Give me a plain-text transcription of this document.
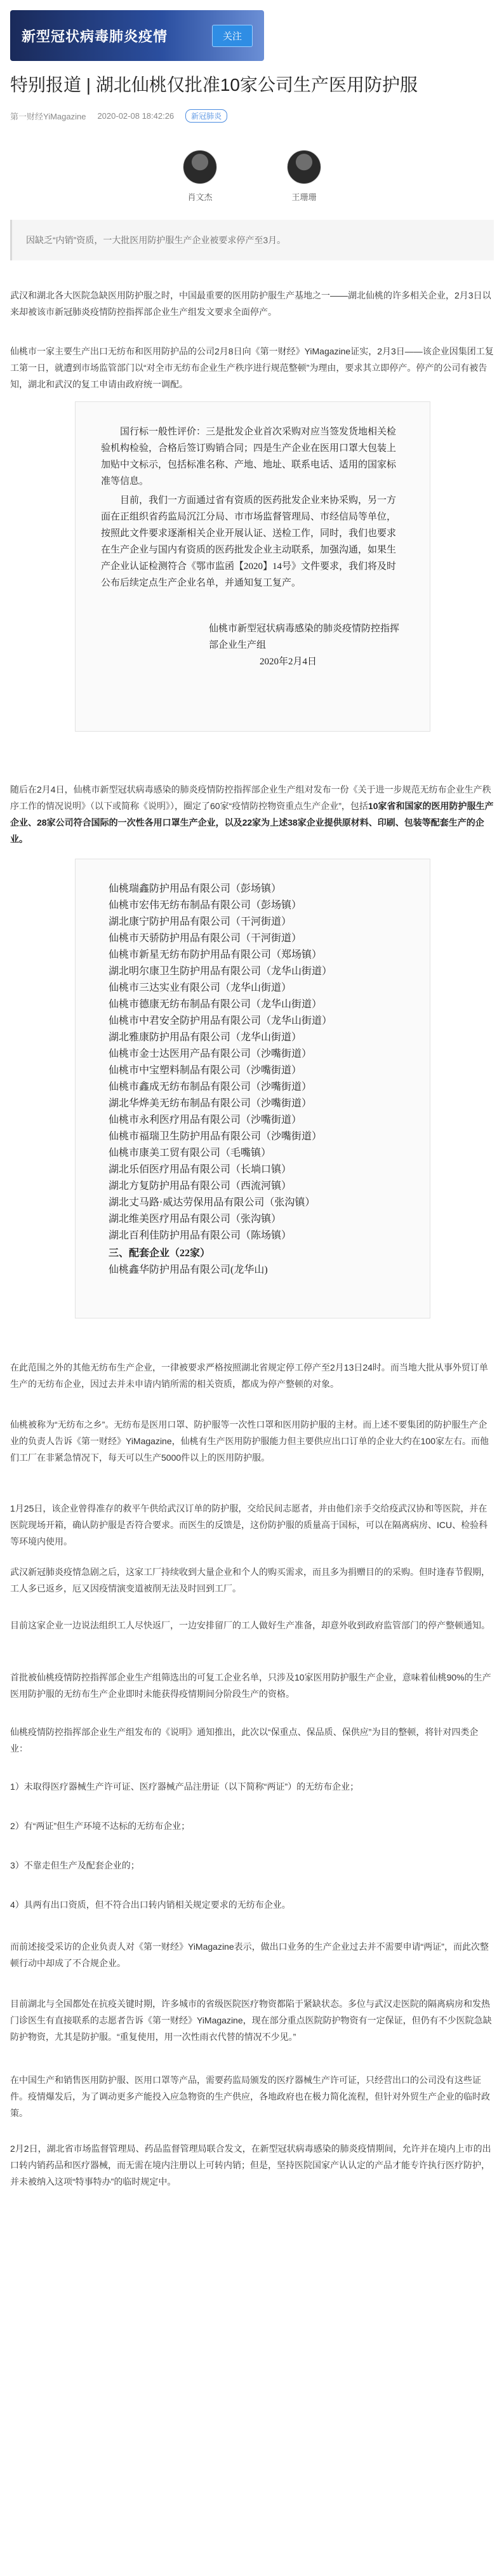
新型冠状病毒肺炎疫情	关注
特别报道 | 湖北仙桃仅批准10家公司生产医用防护服
第一财经YiMagazine 2020-02-08 18:42:26	新冠肺炎
肖文杰	王珊珊
因缺乏“内销”资质，一大批医用防护服生产企业被要求停产至3月。

武汉和湖北各大医院急缺医用防护服之时，中国最重要的医用防护服生产基地之一——湖北仙桃的许多相关企业，2月3日以来却被该市新冠肺炎疫情防控指挥部企业生产组发文要求全面停产。

仙桃市一家主要生产出口无纺布和医用防护品的公司2月8日向《第一财经》YiMagazine证实，2月3日——该企业因集团工复工第一日，就遭到市场监管部门以“对全市无纺布企业生产秩序进行规范整顿”为理由，要求其立即停产。停产的公司有被告知，湖北和武汉的复工申请由政府统一调配。

国行标一般性评价：三是批发企业首次采购对应当签发货地相关检验机构检验，合格后签订购销合同；四是生产企业在医用口罩大包装上加贴中文标示，包括标准名称、产地、地址、联系电话、适用的国家标准等信息。

目前，我们一方面通过省有资质的医药批发企业来协采购，另一方面在正组织省药监局沉江分局、市市场监督管理局、市经信局等单位，按照此文件要求逐渐相关企业开展认证、送检工作，同时，我们也要求在生产企业与国内有资质的医药批发企业主动联系，加强沟通，如果生产企业认证检测符合《鄂市监函【2020】14号》文件要求，我们将及时公布后续定点生产企业名单，并通知复工复产。

仙桃市新型冠状病毒感染的肺炎疫情防控指挥部企业生产组

2020年2月4日

随后在2月4日，仙桃市新型冠状病毒感染的肺炎疫情防控指挥部企业生产组对发布一份《关于进一步规范无纺布企业生产秩序工作的情况说明》（以下或简称《说明》），圈定了60家“疫情防控物资重点生产企业”，包括10家省和国家的医用防护服生产企业、28家公司符合国际的一次性各用口罩生产企业，以及22家为上述38家企业提供原材料、印刷、包装等配套生产的企业。

仙桃瑞鑫防护用品有限公司（彭场镇）
仙桃市宏伟无纺布制品有限公司（彭场镇）
湖北康宁防护用品有限公司（干河街道）
仙桃市天骄防护用品有限公司（干河街道）
仙桃市新星无纺布防护用品有限公司（郑场镇）
湖北明尔康卫生防护用品有限公司（龙华山街道）
仙桃市三达实业有限公司（龙华山街道）
仙桃市德康无纺布制品有限公司（龙华山街道）
仙桃市中君安全防护用品有限公司（龙华山街道）
湖北雅康防护用品有限公司（龙华山街道）
仙桃市金士达医用产品有限公司（沙嘴街道）
仙桃市中宝塑料制品有限公司（沙嘴街道）
仙桃市鑫成无纺布制品有限公司（沙嘴街道）
湖北华烨美无纺布制品有限公司（沙嘴街道）
仙桃市永利医疗用品有限公司（沙嘴街道）
仙桃市福瑞卫生防护用品有限公司（沙嘴街道）
仙桃市康美工贸有限公司（毛嘴镇）
湖北乐佰医疗用品有限公司（长埫口镇）
湖北方复防护用品有限公司（西流河镇）
湖北丈马路·威达劳保用品有限公司（张沟镇）
湖北维美医疗用品有限公司（张沟镇）
湖北百利佳防护用品有限公司（陈场镇）
三、配套企业（22家）
仙桃鑫华防护用品有限公司(龙华山)

在此范围之外的其他无纺布生产企业，一律被要求严格按照湖北省规定停工停产至2月13日24时。而当地大批从事外贸订单生产的无纺布企业，因过去并未申请内销所需的相关资质，都成为停产整顿的对象。

仙桃被称为“无纺布之乡”。无纺布是医用口罩、防护服等一次性口罩和医用防护服的主材。而上述不要集团的防护服生产企业的负责人告诉《第一财经》YiMagazine，仙桃有生产医用防护服能力但主要供应出口订单的企业大约在100家左右。而他们工厂在非紧急情况下，每天可以生产5000件以上的医用防护服。

1月25日，该企业曾得准存的救平午供给武汉订单的防护服，交给民间志愿者，并由他们亲手交给疫武汉协和等医院，并在医院现场开箱，确认防护服是否符合要求。而医生的反馈是，这份防护服的质量高于国标，可以在隔离病房、ICU、检验科等环境内使用。

武汉新冠肺炎疫情急剧之后，这家工厂持续收到大量企业和个人的购买需求，而且多为捐赠目的的采购。但时逢春节假期，工人多已返乡，厄又因疫情演变道被削无法及时回到工厂。

目前这家企业一边说法组织工人尽快返厂，一边安排留厂的工人做好生产准备，却意外收到政府监管部门的停产整顿通知。

首批被仙桃疫情防控指挥部企业生产组筛选出的可复工企业名单，只涉及10家医用防护服生产企业，意味着仙桃90%的生产医用防护服的无纺布生产企业即时未能获得疫情期间分阶段生产的资格。

仙桃疫情防控指挥部企业生产组发布的《说明》通知推出，此次以“保重点、保品质、保供应”为目的整顿，将针对四类企业：

1）未取得医疗器械生产许可证、医疗器械产品注册证（以下简称“两证”）的无纺布企业；

2）有“两证”但生产环境不达标的无纺布企业；

3）不靠走但生产及配套企业的；

4）具两有出口资质，但不符合出口转内销相关规定要求的无纺布企业。

而前述接受采访的企业负责人对《第一财经》YiMagazine表示，做出口业务的生产企业过去并不需要申请“两证”，而此次整顿行动中却成了不合规企业。

目前湖北与全国都处在抗疫关键时期，许多城市的省级医院医疗物资都陷于紧缺状态。多位与武汉走医院的隔离病房和发热门诊医生有直接联系的志愿者告诉《第一财经》YiMagazine，现在部分重点医院防护物资有一定保证，但仍有不少医院急缺防护物资，尤其是防护服。“重复使用，用一次性雨衣代替的情况不少见。”

在中国生产和销售医用防护服、医用口罩等产品，需要药监局颁发的医疗器械生产许可证，只经营出口的公司没有这些证件。疫情爆发后，为了调动更多产能投入应急物资的生产供应，各地政府也在极力简化流程，但针对外贸生产企业的临时政策。

2月2日，湖北省市场监督管理局、药品监督管理局联合发文，在新型冠状病毒感染的肺炎疫情期间，允许并在境内上市的出口转内销药品和医疗器械，而无需在境内注册以上可转内销；但是，坚持医院国家产认认定的产品才能专许执行医疗防护，并未被纳入这项“特事特办”的临时规定中。
